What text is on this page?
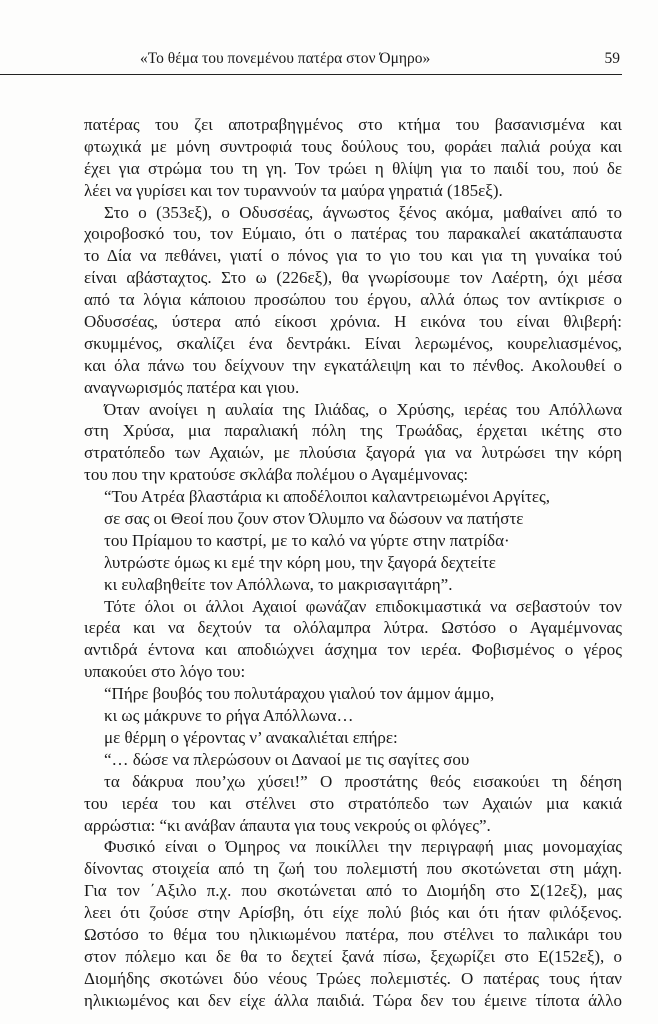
«Το θέμα του πονεμένου πατέρα στον Όμηρο»	59
πατέρας του ζει αποτραβηγμένος στο κτήμα του βασανισμένα και
φτωχικά με μόνη συντροφιά τους δούλους του, φοράει παλιά ρούχα και
έχει για στρώμα του τη γη. Τον τρώει η θλίψη για το παιδί του, πού δε
λέει να γυρίσει και τον τυραννούν τα μαύρα γηρατιά (185εξ).
Στο ο (353εξ), ο Οδυσσέας, άγνωστος ξένος ακόμα, μαθαίνει από το
χοιροβοσκό του, τον Εύμαιο, ότι ο πατέρας του παρακαλεί ακατάπαυστα
το Δία να πεθάνει, γιατί ο πόνος για το γιο του και για τη γυναίκα τού
είναι αβάσταχτος. Στο ω (226εξ), θα γνωρίσουμε τον Λαέρτη, όχι μέσα
από τα λόγια κάποιου προσώπου του έργου, αλλά όπως τον αντίκρισε ο
Οδυσσέας, ύστερα από είκοσι χρόνια. Η εικόνα του είναι θλιβερή:
σκυμμένος, σκαλίζει ένα δεντράκι. Είναι λερωμένος, κουρελιασμένος,
και όλα πάνω του δείχνουν την εγκατάλειψη και το πένθος. Ακολουθεί ο
αναγνωρισμός πατέρα και γιου.
Όταν ανοίγει η αυλαία της Ιλιάδας, ο Χρύσης, ιερέας του Απόλλωνα
στη Χρύσα, μια παραλιακή πόλη της Τρωάδας, έρχεται ικέτης στο
στρατόπεδο των Αχαιών, με πλούσια ξαγορά για να λυτρώσει την κόρη
του που την κρατούσε σκλάβα πολέμου ο Αγαμέμνονας:
“Του Ατρέα βλαστάρια κι αποδέλοιποι καλαντρειωμένοι Αργίτες,
σε σας οι Θεοί που ζουν στον Όλυμπο να δώσουν να πατήστε
του Πρίαμου το καστρί, με το καλό να γύρτε στην πατρίδα·
λυτρώστε όμως κι εμέ την κόρη μου, την ξαγορά δεχτείτε
κι ευλαβηθείτε τον Απόλλωνα, το μακρισαγιτάρη”.
Τότε όλοι οι άλλοι Αχαιοί φωνάζαν επιδοκιμαστικά να σεβαστούν τον
ιερέα και να δεχτούν τα ολόλαμπρα λύτρα. Ωστόσο ο Αγαμέμνονας
αντιδρά έντονα και αποδιώχνει άσχημα τον ιερέα. Φοβισμένος ο γέρος
υπακούει στο λόγο του:
“Πήρε βουβός του πολυτάραχου γιαλού τον άμμον άμμο,
κι ως μάκρυνε το ρήγα Απόλλωνα…
με θέρμη ο γέροντας ν’ ανακαλιέται επήρε:
“… δώσε να πλερώσουν οι Δαναοί με τις σαγίτες σου
τα δάκρυα που’χω χύσει!” Ο προστάτης θεός εισακούει τη δέηση
του ιερέα του και στέλνει στο στρατόπεδο των Αχαιών μια κακιά
αρρώστια: “κι ανάβαν άπαυτα για τους νεκρούς οι φλόγες”.
Φυσικό είναι ο Όμηρος να ποικίλλει την περιγραφή μιας μονομαχίας
δίνοντας στοιχεία από τη ζωή του πολεμιστή που σκοτώνεται στη μάχη.
Για τον ΄Αξιλο π.χ. που σκοτώνεται από το Διομήδη στο Σ(12εξ), μας
λεει ότι ζούσε στην Αρίσβη, ότι είχε πολύ βιός και ότι ήταν φιλόξενος.
Ωστόσο το θέμα του ηλικιωμένου πατέρα, που στέλνει το παλικάρι του
στον πόλεμο και δε θα το δεχτεί ξανά πίσω, ξεχωρίζει στο Ε(152εξ), ο
Διομήδης σκοτώνει δύο νέους Τρώες πολεμιστές. Ο πατέρας τους ήταν
ηλικιωμένος και δεν είχε άλλα παιδιά. Τώρα δεν του έμεινε τίποτα άλλο
